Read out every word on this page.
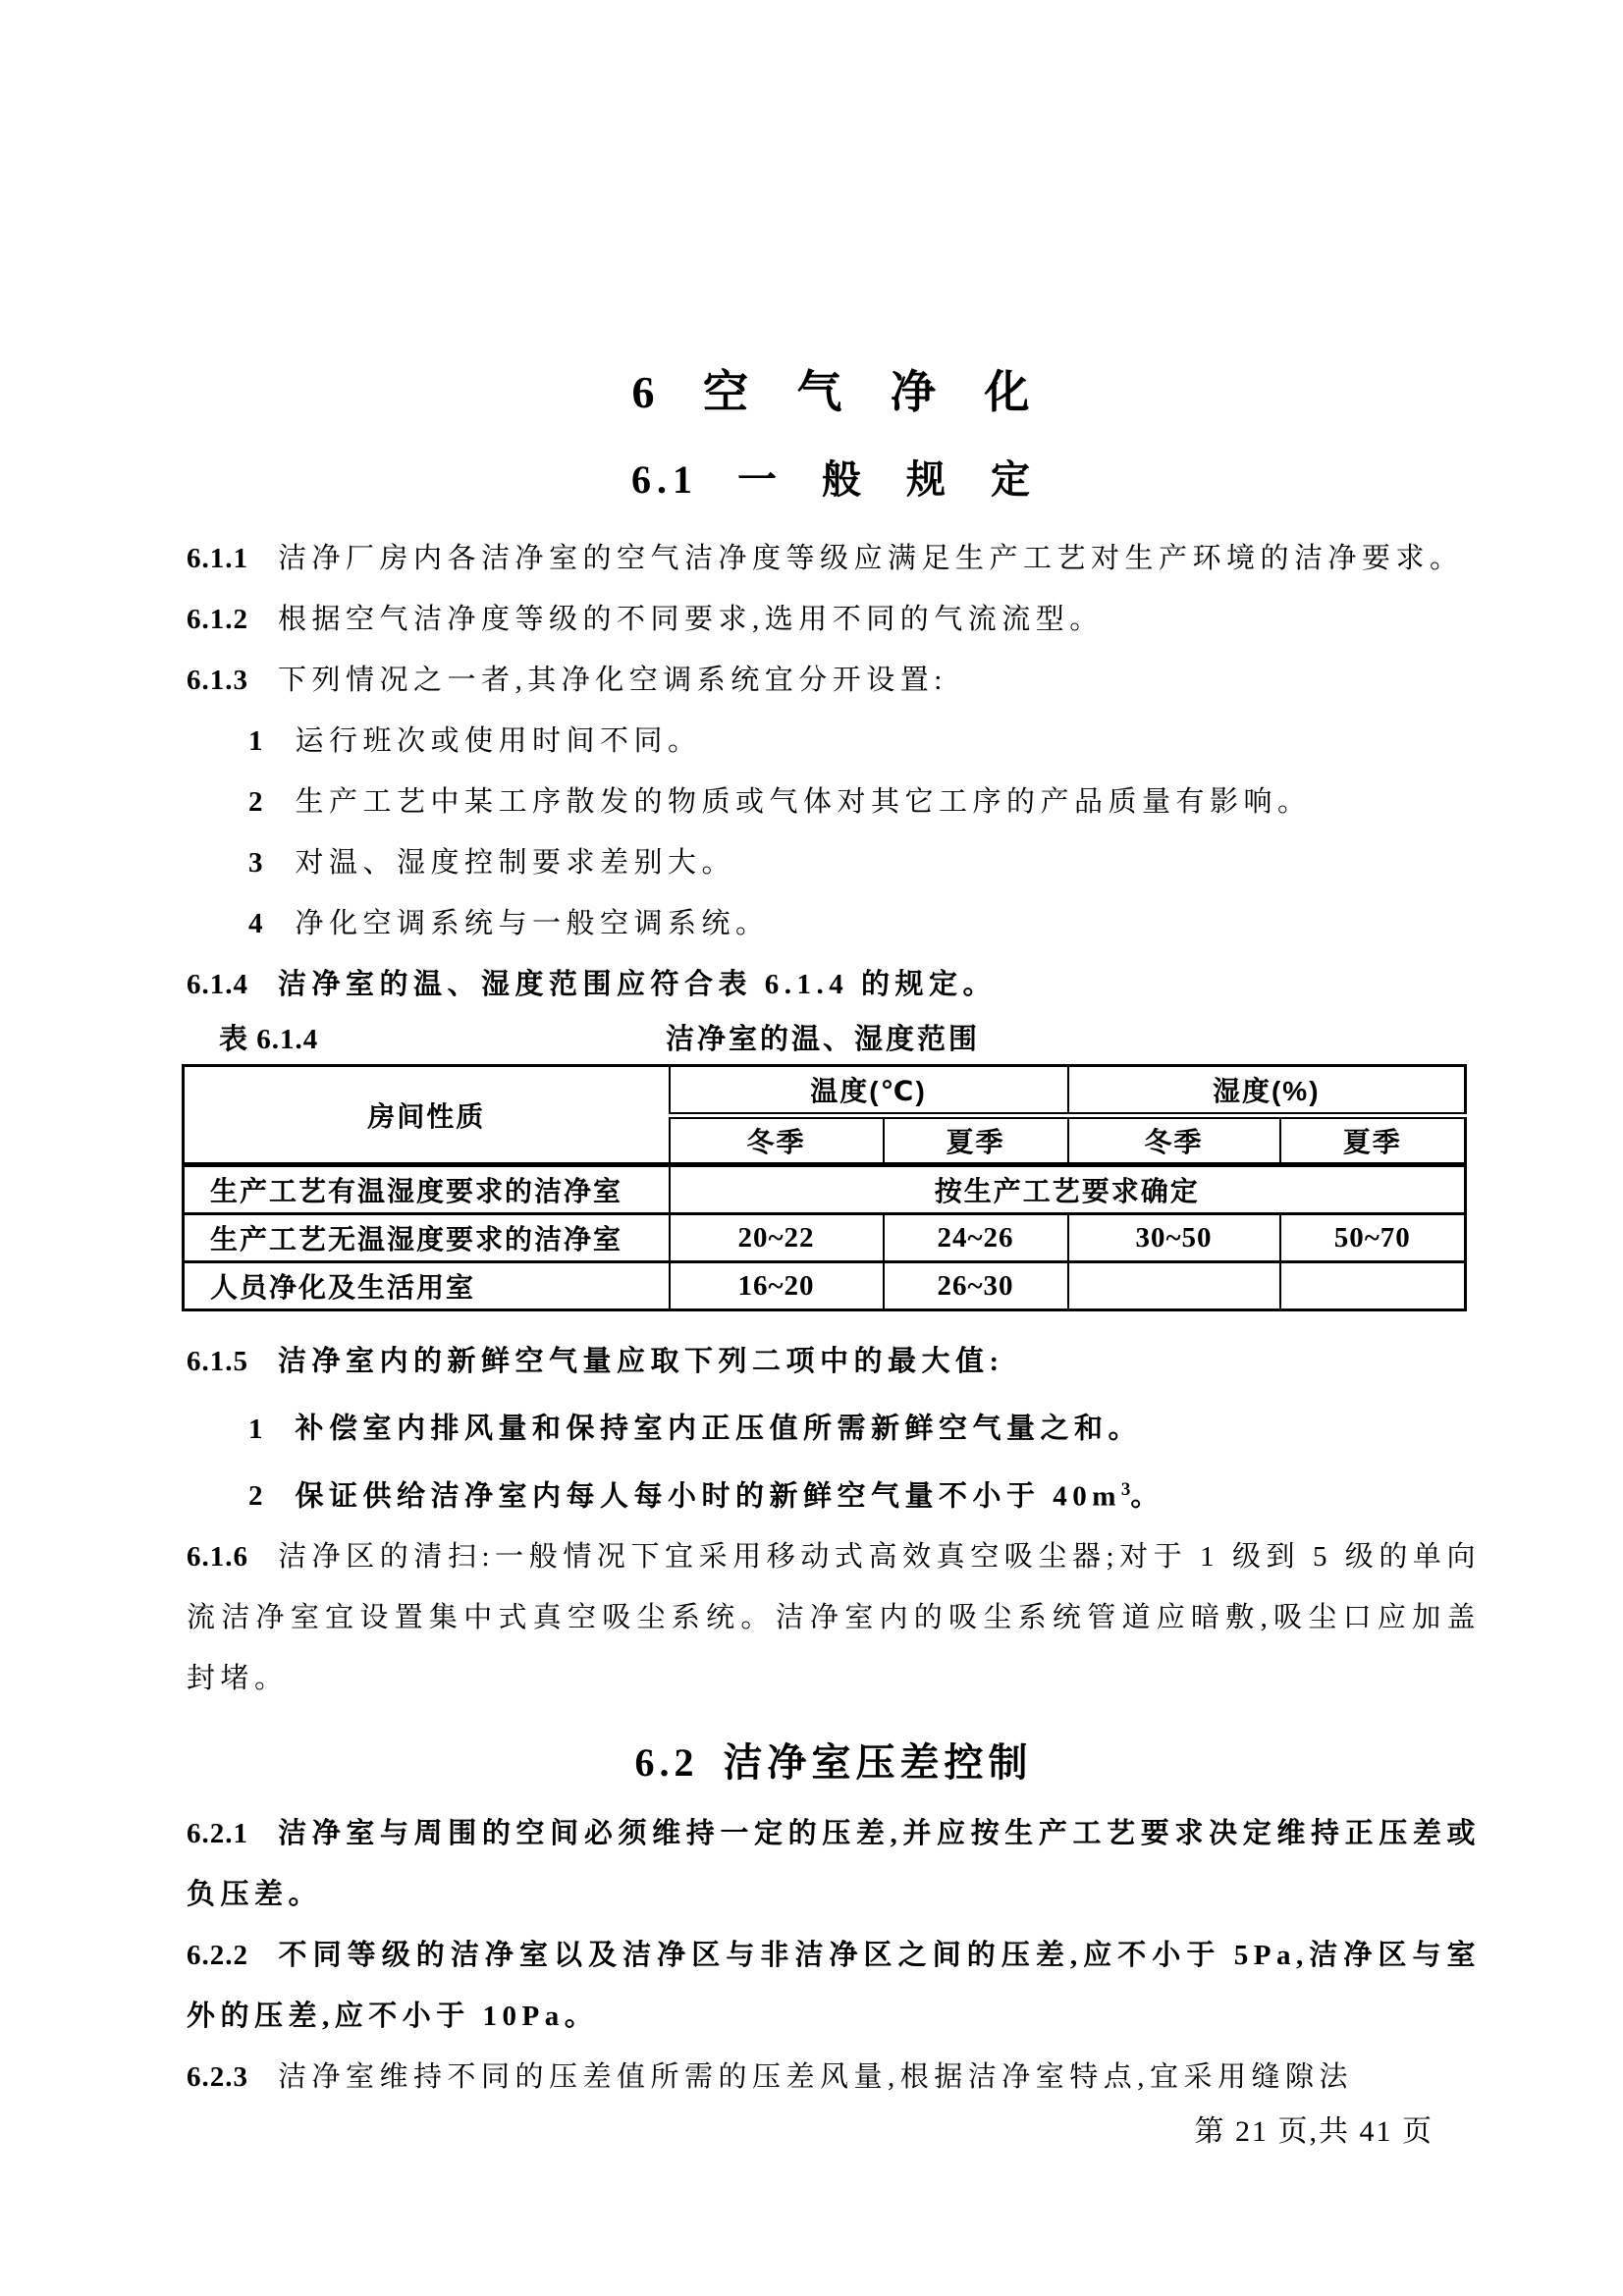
6 空 气 净 化
6.1 一 般 规 定

6.1.1 洁净厂房内各洁净室的空气洁净度等级应满足生产工艺对生产环境的洁净要求。

6.1.2 根据空气洁净度等级的不同要求,选用不同的气流流型。

6.1.3 下列情况之一者,其净化空调系统宜分开设置:

1 运行班次或使用时间不同。

2 生产工艺中某工序散发的物质或气体对其它工序的产品质量有影响。

3 对温、湿度控制要求差别大。

4 净化空调系统与一般空调系统。

6.1.4 洁净室的温、湿度范围应符合表 6.1.4 的规定。

表 6.1.4	洁净室的温、湿度范围
房间性质	温度(℃)		湿度(%)	
	冬季	夏季	冬季	夏季
生产工艺有温湿度要求的洁净室	按生产工艺要求确定			
生产工艺无温湿度要求的洁净室	20~22	24~26	30~50	50~70
人员净化及生活用室	16~20	26~30		

6.1.5 洁净室内的新鲜空气量应取下列二项中的最大值:

1 补偿室内排风量和保持室内正压值所需新鲜空气量之和。

2 保证供给洁净室内每人每小时的新鲜空气量不小于 $40m^3$。

6.1.6 洁净区的清扫:一般情况下宜采用移动式高效真空吸尘器;对于 1 级到 5 级的单向流洁净室宜设置集中式真空吸尘系统。洁净室内的吸尘系统管道应暗敷,吸尘口应加盖封堵。

6.2 洁净室压差控制

6.2.1 洁净室与周围的空间必须维持一定的压差,并应按生产工艺要求决定维持正压差或负压差。

6.2.2 不同等级的洁净室以及洁净区与非洁净区之间的压差,应不小于 5Pa,洁净区与室外的压差,应不小于 10Pa。

6.2.3 洁净室维持不同的压差值所需的压差风量,根据洁净室特点,宜采用缝隙法

第 21 页,共 41 页
